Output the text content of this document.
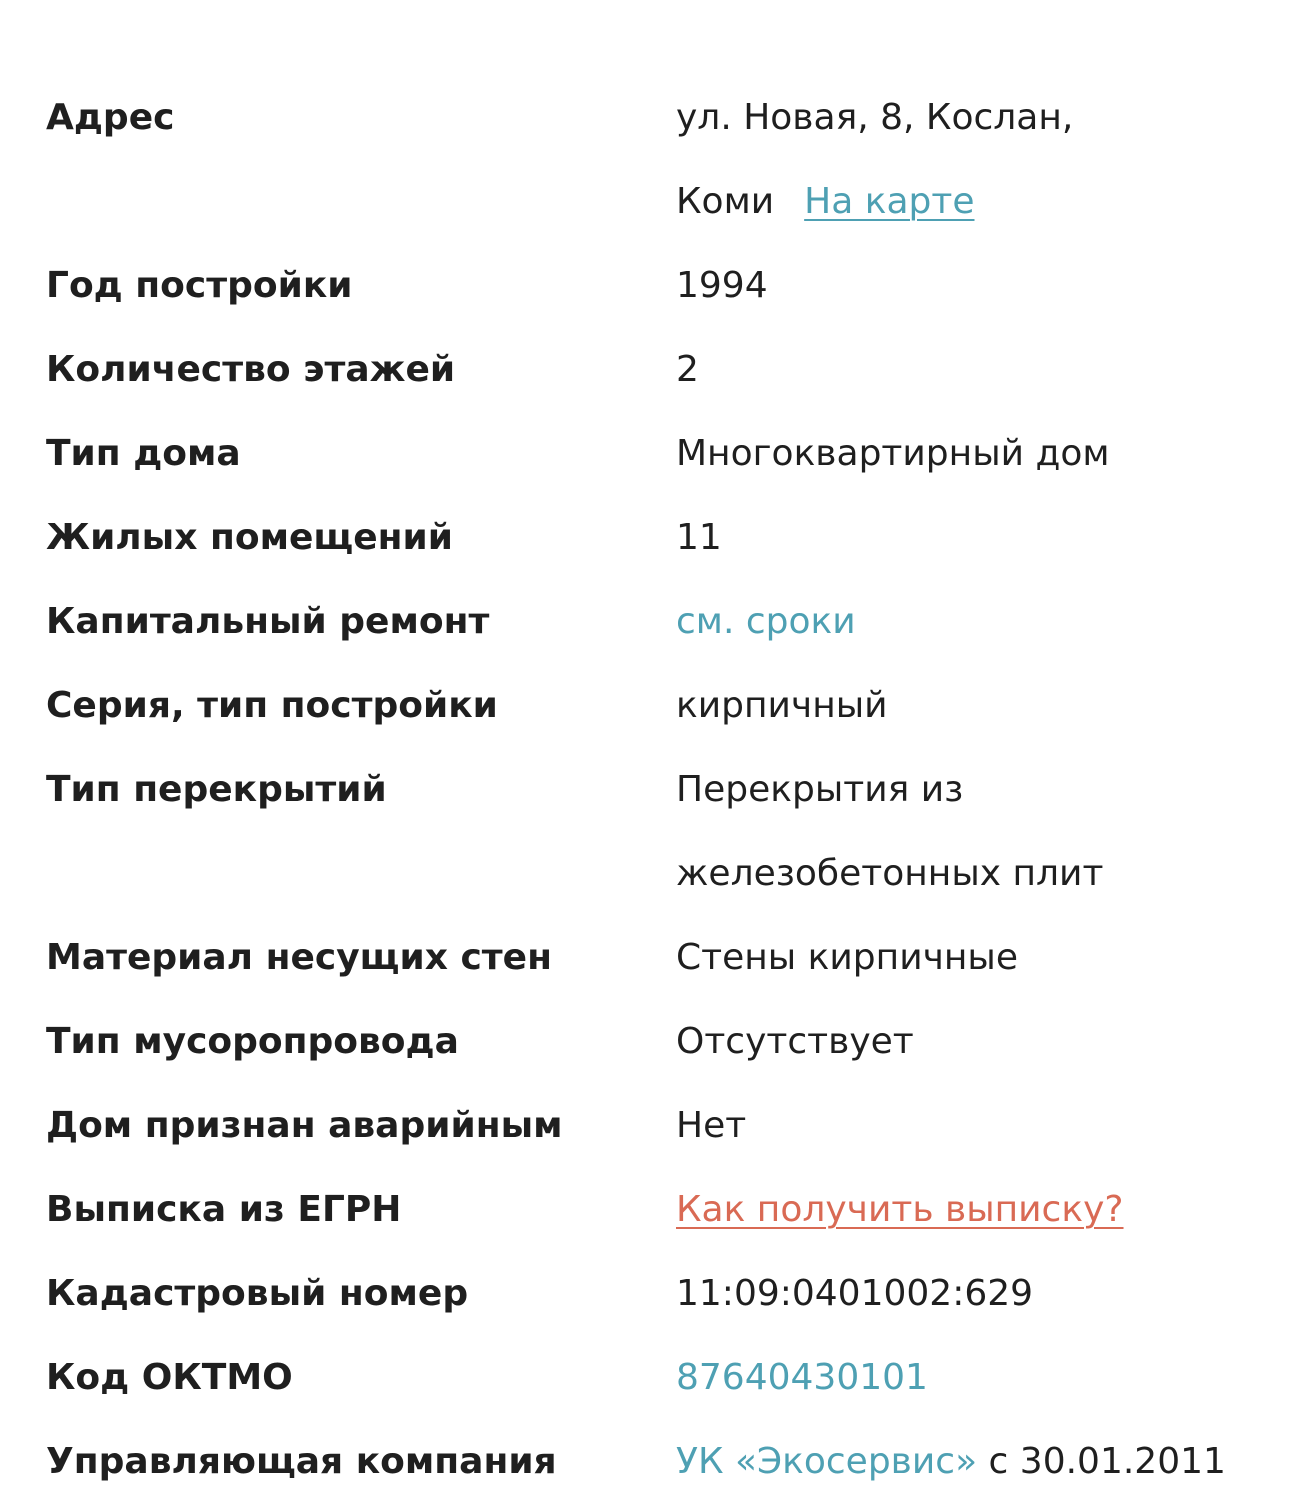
Адрес	ул. Новая, 8, Кослан,
Коми На карте
Год постройки	1994
Количество этажей	2
Тип дома	Многоквартирный дом
Жилых помещений	11
Капитальный ремонт	см. сроки
Серия, тип постройки	кирпичный
Тип перекрытий	Перекрытия из
железобетонных плит
Материал несущих стен	Стены кирпичные
Тип мусоропровода	Отсутствует
Дом признан аварийным	Нет
Выписка из ЕГРН	Как получить выписку?
Кадастровый номер	11:09:0401002:629
Код ОКТМО	87640430101
Управляющая компания	УК «Экосервис» с 30.01.2011
